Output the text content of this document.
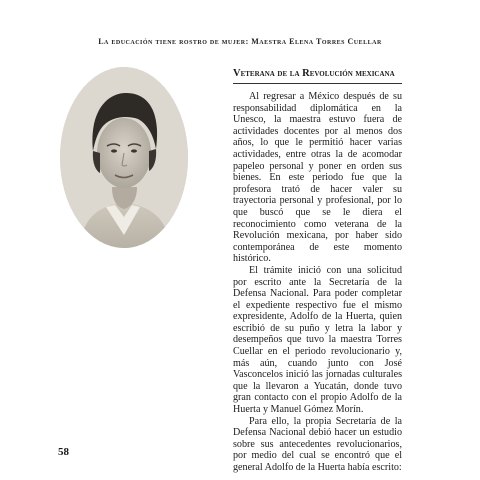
La educación tiene rostro de mujer: Maestra Elena Torres Cuellar
Veterana de la Revolución mexicana

Al regresar a México después de su responsabilidad diplomática en la Unesco, la maestra estuvo fuera de actividades docentes por al menos dos años, lo que le permitió hacer varias actividades, entre otras la de acomodar papeleo personal y poner en orden sus bienes. En este periodo fue que la profesora trató de hacer valer su trayectoria personal y profesional, por lo que buscó que se le diera el reconocimiento como veterana de la Revolución mexicana, por haber sido contemporánea de este momento histórico.

El trámite inició con una solicitud por escrito ante la Secretaría de la Defensa Nacional. Para poder completar el expediente respectivo fue el mismo expresidente, Adolfo de la Huerta, quien escribió de su puño y letra la labor y desempeños que tuvo la maestra Torres Cuellar en el periodo revolucionario y, más aún, cuando junto con José Vasconcelos inició las jornadas culturales que la llevaron a Yucatán, donde tuvo gran contacto con el propio Adolfo de la Huerta y Manuel Gómez Morín.

Para ello, la propia Secretaría de la Defensa Nacional debió hacer un estudio sobre sus antecedentes revolucionarios, por medio del cual se encontró que el general Adolfo de la Huerta había escrito:

58
